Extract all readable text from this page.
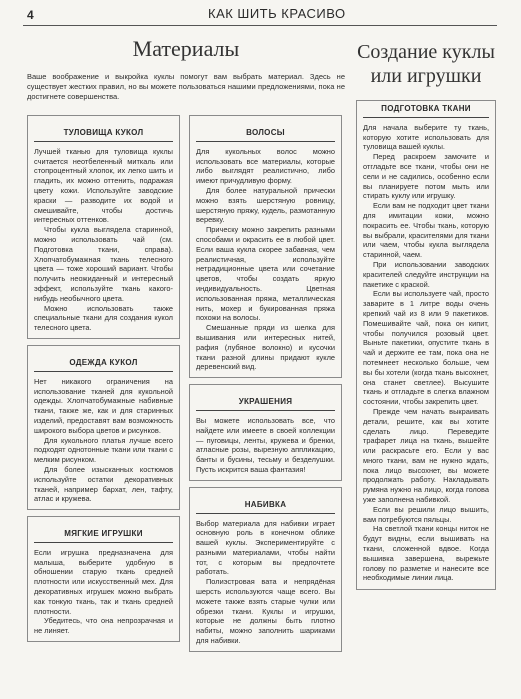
4	КАК ШИТЬ КРАСИВО
Материалы

Ваше воображение и выкройка куклы помогут вам выбрать материал. Здесь не существует жестких правил, но вы можете пользоваться нашими предложениями, пока не достигнете совершенства.

ТУЛОВИЩА КУКОЛ

Лучшей тканью для туловища куклы считается неотбеленный миткаль или стопроцентный хлопок, их легко шить и гладить, их можно оттенить, подражая цвету кожи. Используйте заводские краски — разводите их водой и смешивайте, чтобы достичь интересных оттенков.

Чтобы кукла выглядела старинной, можно использовать чай (см. Подготовка ткани, справа). Хлопчатобумажная ткань телесного цвета — тоже хороший вариант. Чтобы получить неожиданный и интересный эффект, используйте ткань какого-нибудь необычного цвета.

Можно использовать также специальные ткани для создания кукол телесного цвета.

ОДЕЖДА КУКОЛ

Нет никакого ограничения на использование тканей для кукольной одежды. Хлопчатобумажные набивные ткани, также же, как и для старинных изделий, предоставят вам возможность широкого выбора цветов и рисунков.

Для кукольного платья лучше всего подходят однотонные ткани или ткани с мелким рисунком.

Для более изысканных костюмов используйте остатки декоративных тканей, например бархат, лен, тафту, атлас и кружева.

МЯГКИЕ ИГРУШКИ

Если игрушка предназначена для малыша, выберите удобную в обношении старую ткань средней плотности или искусственный мех. Для декоративных игрушек можно выбрать как тонкую ткань, так и ткань средней плотности.

Убедитесь, что она непрозрачная и не линяет.

ВОЛОСЫ

Для кукольных волос можно использовать все материалы, которые либо выглядят реалистично, либо имеют причудливую форму.

Для более натуральной прически можно взять шерстяную ровницу, шерстяную пряжу, кудель, размотанную веревку.

Причеcку можно закрепить разными способами и окрасить ее в любой цвет. Если ваша кукла скорее забавная, чем реалистичная, используйте нетрадиционные цвета или сочетание цветов, чтобы создать яркую индивидуальность. Цветная использованная пряжа, металлическая нить, мохер и букированная пряжа похожи на волосы.

Смешанные пряди из шелка для вышивания или интересных нитей, рафия (лубяное волокно) и кусочки ткани разной длины придают кукле деревенский вид.

УКРАШЕНИЯ

Вы можете использовать все, что найдете или имеете в своей коллекции — пуговицы, ленты, кружева и бренки, атласные розы, вырезную аппликацию, банты и бусины, тесьму и безделушки. Пусть искрится ваша фантазия!

НАБИВКА

Выбор материала для набивки играет основную роль в конечном облике вашей куклы. Экспериментируйте с разными материалами, чтобы найти тот, с которым вы предпочтете работать.

Полиэстровая вата и непрядёная шерсть используются чаще всего. Вы можете также взять старые чулки или обрезки ткани. Куклы и игрушки, которые не должны быть плотно набиты, можно заполнить шариками для набивки.

Создание куклы или игрушки
ПОДГОТОВКА ТКАНИ

Для начала выберите ту ткань, которую хотите использовать для туловища вашей куклы.

Перед раскроем замочите и отгладьте все ткани, чтобы они не сели и не садились, особенно если вы планируете потом мыть или стирать куклу или игрушку.

Если вам не подходит цвет ткани для имитации кожи, можно покрасить ее. Чтобы ткань, которую вы выбрали, красителями для ткани или чаем, чтобы кукла выглядела старинной, чаем.

При использовании заводских красителей следуйте инструкции на пакетике с краской.

Если вы используете чай, просто заварите в 1 литре воды очень крепкий чай из 8 или 9 пакетиков. Помешивайте чай, пока он кипит, чтобы получился розовый цвет. Выньте пакетики, опустите ткань в чай и держите ее там, пока она не потемнеет несколько больше, чем вы бы хотели (когда ткань высохнет, она станет светлее). Высушите ткань и отгладьте в слегка влажном состоянии, чтобы закрепить цвет.

Прежде чем начать выкраивать детали, решите, как вы хотите сделать лицо. Переведите трафарет лица на ткань, вышейте или раскрасьте его. Если у вас много ткани, вам не нужно ждать, пока лицо высохнет, вы можете продолжать работу. Накладывать румяна нужно на лицо, когда голова уже заполнена набивкой.

Если вы решили лицо вышить, вам потребуются пяльцы.

На светлой ткани концы ниток не будут видны, если вышивать на ткани, сложенной вдвое. Когда вышивка завершена, вырежьте голову по разметке и нанесите все необходимые линии лица.
